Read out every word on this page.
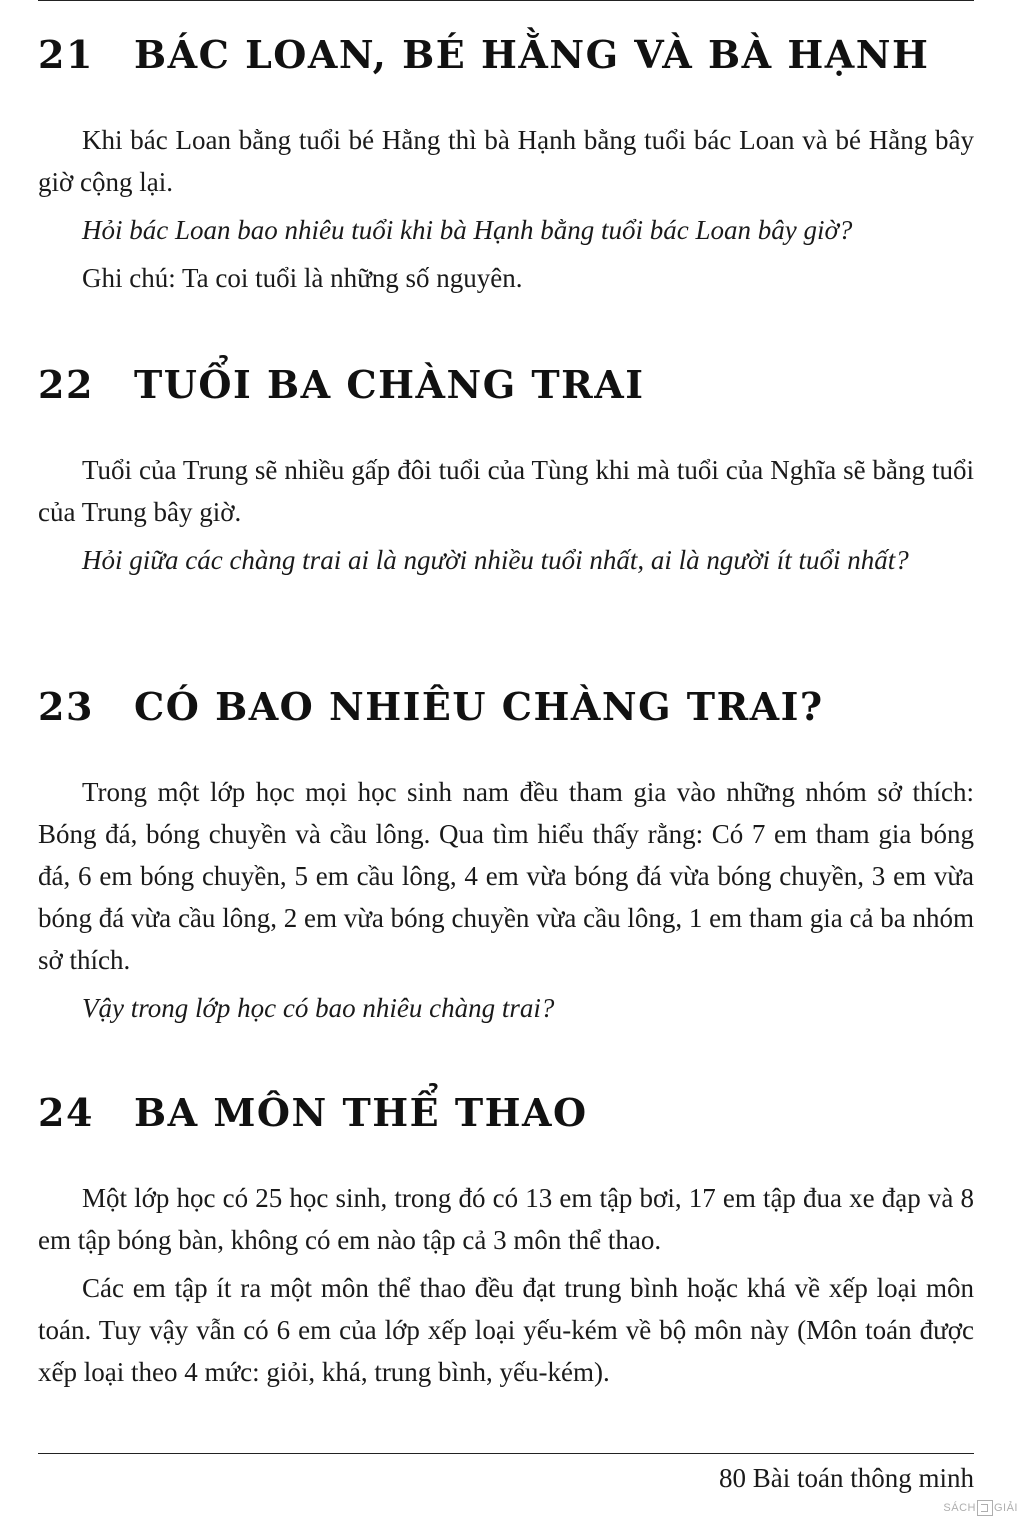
21	BÁC LOAN, BÉ HẰNG VÀ BÀ HẠNH

Khi bác Loan bằng tuổi bé Hằng thì bà Hạnh bằng tuổi bác Loan và bé Hằng bây giờ cộng lại.

Hỏi bác Loan bao nhiêu tuổi khi bà Hạnh bằng tuổi bác Loan bây giờ?

Ghi chú: Ta coi tuổi là những số nguyên.

22	TUỔI BA CHÀNG TRAI

Tuổi của Trung sẽ nhiều gấp đôi tuổi của Tùng khi mà tuổi của Nghĩa sẽ bằng tuổi của Trung bây giờ.

Hỏi giữa các chàng trai ai là người nhiều tuổi nhất, ai là người ít tuổi nhất?

23	CÓ BAO NHIÊU CHÀNG TRAI?

Trong một lớp học mọi học sinh nam đều tham gia vào những nhóm sở thích: Bóng đá, bóng chuyền và cầu lông. Qua tìm hiểu thấy rằng: Có 7 em tham gia bóng đá, 6 em bóng chuyền, 5 em cầu lông, 4 em vừa bóng đá vừa bóng chuyền, 3 em vừa bóng đá vừa cầu lông, 2 em vừa bóng chuyền vừa cầu lông, 1 em tham gia cả ba nhóm sở thích.

Vậy trong lớp học có bao nhiêu chàng trai?

24	BA MÔN THỂ THAO

Một lớp học có 25 học sinh, trong đó có 13 em tập bơi, 17 em tập đua xe đạp và 8 em tập bóng bàn, không có em nào tập cả 3 môn thể thao.

Các em tập ít ra một môn thể thao đều đạt trung bình hoặc khá về xếp loại môn toán. Tuy vậy vẫn có 6 em của lớp xếp loại yếu-kém về bộ môn này (Môn toán được xếp loại theo 4 mức: giỏi, khá, trung bình, yếu-kém).

80 Bài toán thông minh
SÁCH GIẢI
